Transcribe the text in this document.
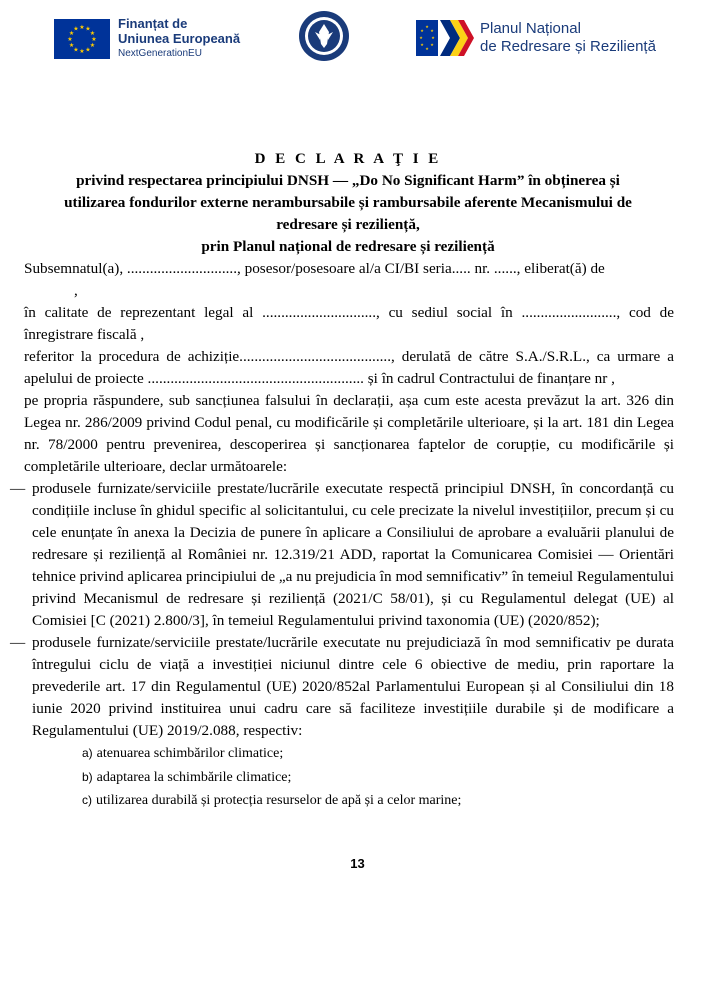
★ ★
★
★
★
★
★
★
★
★
★
★	Finanțat de
Uniunea Europeană
NextGenerationEU
★
★
★
★
★
★
★
★	Planul Național
de Redresare și Reziliență
D E C L A R A Ţ I E
privind respectarea principiului DNSH — „Do No Significant Harm” în obținerea și
utilizarea fondurilor externe nerambursabile și rambursabile aferente Mecanismului de
redresare și reziliență,
prin Planul național de redresare și reziliență

Subsemnatul(a), ............................., posesor/posesoare al/a CI/BI seria..... nr. ......, eliberat(ă) de

,

în calitate de reprezentant legal al .............................., cu sediul social în ........................., cod de înregistrare fiscală ,

referitor la procedura de achiziție........................................, derulată de către S.A./S.R.L., ca urmare a apelului de proiecte ......................................................... și în cadrul Contractului de finanțare nr ,

pe propria răspundere, sub sancțiunea falsului în declarații, așa cum este acesta prevăzut la art. 326 din Legea nr. 286/2009 privind Codul penal, cu modificările și completările ulterioare, și la art. 181 din Legea nr. 78/2000 pentru prevenirea, descoperirea și sancționarea faptelor de corupție, cu modificările și completările ulterioare, declar următoarele:

— produsele furnizate/serviciile prestate/lucrările executate respectă principiul DNSH, în concordanță cu condițiile incluse în ghidul specific al solicitantului, cu cele precizate la nivelul investițiilor, precum și cu cele enunțate în anexa la Decizia de punere în aplicare a Consiliului de aprobare a evaluării planului de redresare și reziliență al României nr. 12.319/21 ADD, raportat la Comunicarea Comisiei — Orientări tehnice privind aplicarea principiului de „a nu prejudicia în mod semnificativ” în temeiul Regulamentului privind Mecanismul de redresare și reziliență (2021/C 58/01), și cu Regulamentul delegat (UE) al Comisiei [C (2021) 2.800/3], în temeiul Regulamentului privind taxonomia (UE) (2020/852);
— produsele furnizate/serviciile prestate/lucrările executate nu prejudiciază în mod semnificativ pe durata întregului ciclu de viață a investiției niciunul dintre cele 6 obiective de mediu, prin raportare la prevederile art. 17 din Regulamentul (UE) 2020/852al Parlamentului European și al Consiliului din 18 iunie 2020 privind instituirea unui cadru care să faciliteze investițiile durabile și de modificare a Regulamentului (UE) 2019/2.088, respectiv:
a) atenuarea schimbărilor climatice;
b) adaptarea la schimbările climatice;
c) utilizarea durabilă și protecția resurselor de apă și a celor marine;
13
